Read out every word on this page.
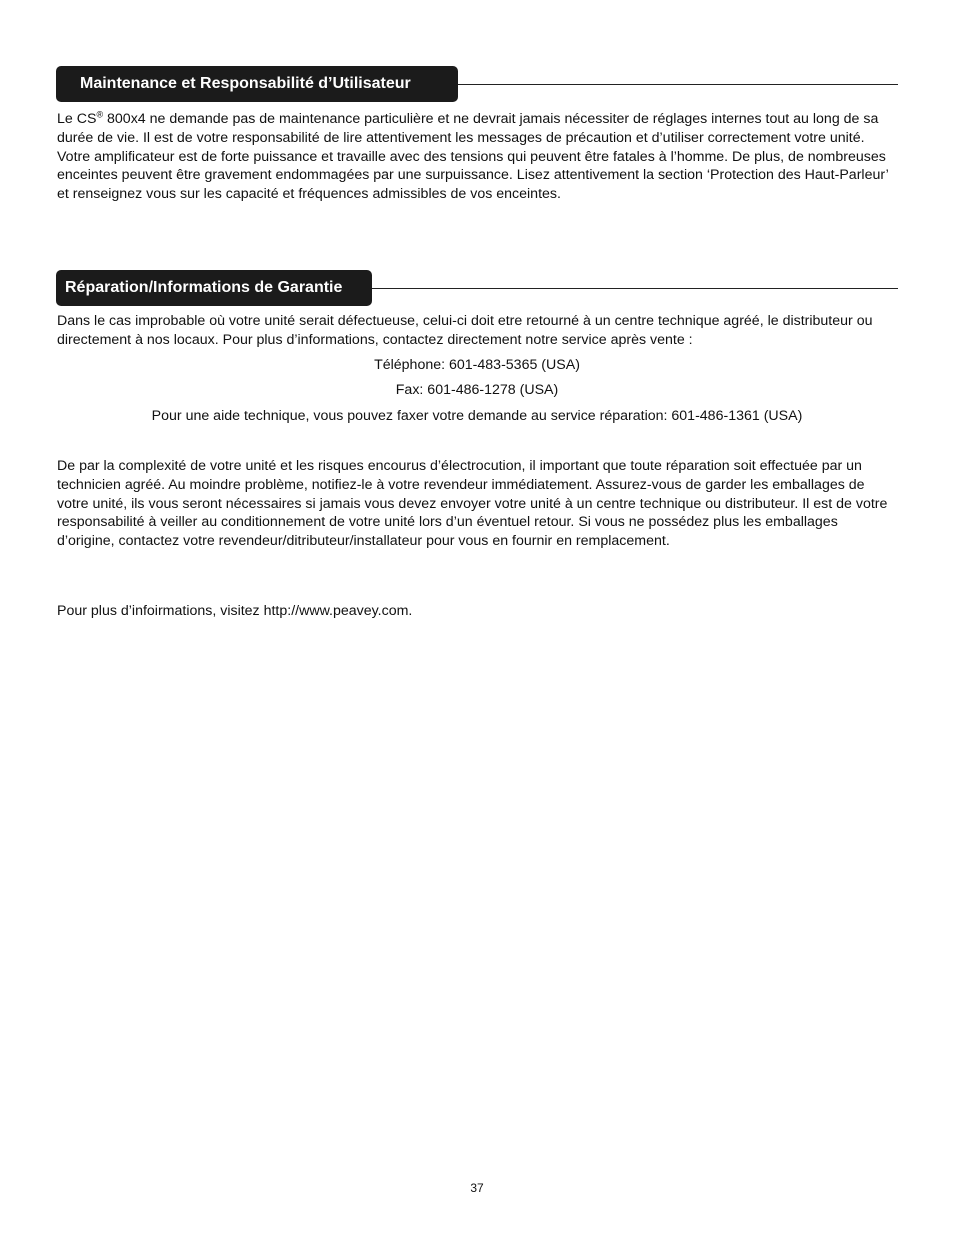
Maintenance et Responsabilité d’Utilisateur

Le CS® 800x4 ne demande pas de maintenance particulière et ne devrait jamais nécessiter de réglages internes tout au long de sa durée de vie. Il est de votre responsabilité de lire attentivement les messages de précaution et d’utiliser correctement votre unité. Votre amplificateur est de forte puissance et travaille avec des tensions qui peuvent être fatales à l’homme. De plus, de nombreuses enceintes peuvent être gravement endommagées par une surpuissance. Lisez attentivement la section ‘Protection des Haut-Parleur’ et renseignez vous sur les capacité et fréquences admissibles de vos enceintes.

Réparation/Informations de Garantie

Dans le cas improbable où votre unité serait défectueuse, celui-ci doit etre retourné à un centre technique agréé, le distributeur ou directement à nos locaux. Pour plus d’informations, contactez directement notre service après vente :

Téléphone: 601-483-5365 (USA)
Fax: 601-486-1278 (USA)
Pour une aide technique, vous pouvez faxer votre demande au service réparation: 601-486-1361 (USA)

De par la complexité de votre unité et les risques encourus d’électrocution, il important que toute réparation soit effectuée par un technicien agréé. Au moindre problème, notifiez-le à votre revendeur immédiatement. Assurez-vous de garder les emballages de votre unité, ils vous seront nécessaires si jamais vous devez envoyer votre unité à un centre technique ou distributeur. Il est de votre responsabilité à veiller au conditionnement de votre unité lors d’un éventuel retour. Si vous ne possédez plus les emballages d’origine, contactez votre revendeur/ditributeur/installateur pour vous en fournir en remplacement.

Pour plus d’infoirmations, visitez http://www.peavey.com.

37
